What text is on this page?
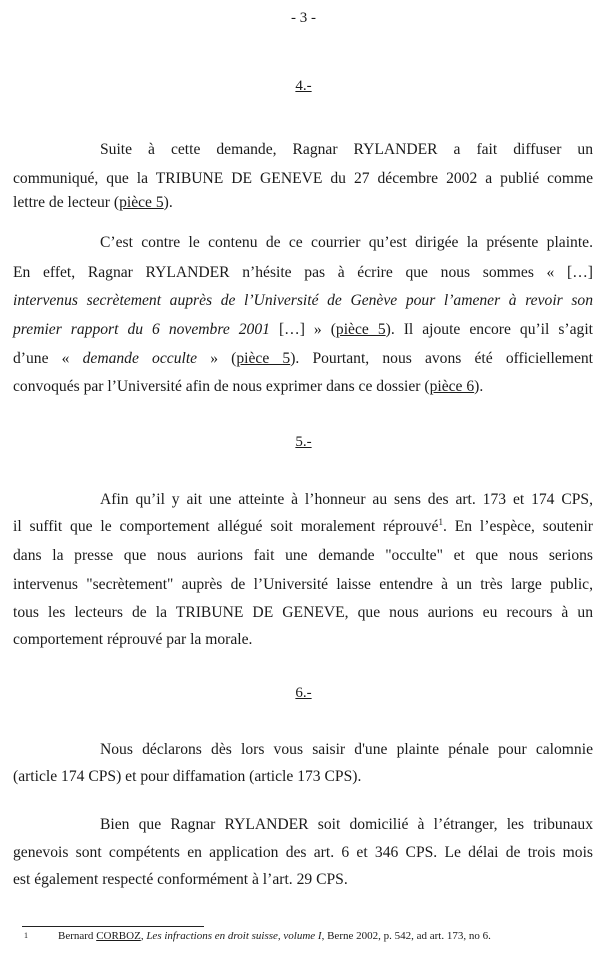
- 3 -
4.-
Suite à cette demande, Ragnar RYLANDER a fait diffuser un
communiqué, que la TRIBUNE DE GENEVE du 27 décembre 2002 a publié comme
lettre de lecteur (pièce 5).
C’est contre le contenu de ce courrier qu’est dirigée la présente plainte.
En effet, Ragnar RYLANDER n’hésite pas à écrire que nous sommes « […]
intervenus secrètement auprès de l’Université de Genève pour l’amener à revoir son
premier rapport du 6 novembre 2001 […] » (pièce 5). Il ajoute encore qu’il s’agit
d’une « demande occulte » (pièce 5). Pourtant, nous avons été officiellement
convoqués par l’Université afin de nous exprimer dans ce dossier (pièce 6).
5.-
Afin qu’il y ait une atteinte à l’honneur au sens des art. 173 et 174 CPS,
il suffit que le comportement allégué soit moralement réprouvé$^1$. En l’espèce, soutenir
dans la presse que nous aurions fait une demande "occulte" et que nous serions
intervenus "secrètement" auprès de l’Université laisse entendre à un très large public,
tous les lecteurs de la TRIBUNE DE GENEVE, que nous aurions eu recours à un
comportement réprouvé par la morale.
6.-
Nous déclarons dès lors vous saisir d'une plainte pénale pour calomnie
(article 174 CPS) et pour diffamation (article 173 CPS).
Bien que Ragnar RYLANDER soit domicilié à l’étranger, les tribunaux
genevois sont compétents en application des art. 6 et 346 CPS. Le délai de trois mois
est également respecté conformément à l’art. 29 CPS.
1	Bernard CORBOZ, Les infractions en droit suisse, volume I, Berne 2002, p. 542, ad art. 173, no 6.
